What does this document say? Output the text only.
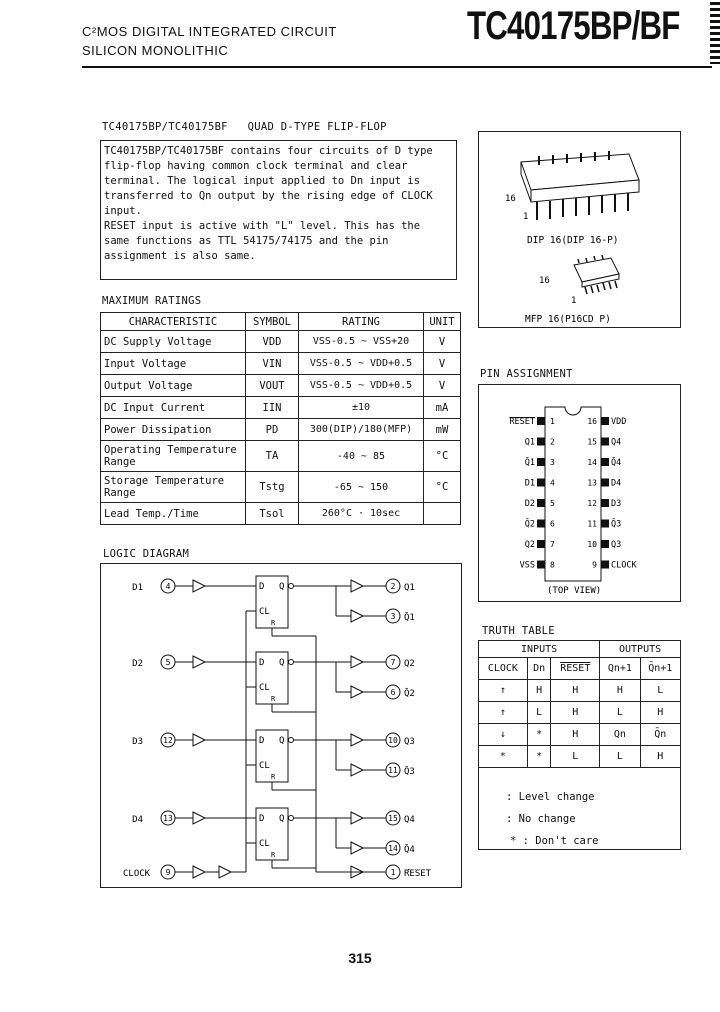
C²MOS DIGITAL INTEGRATED CIRCUIT
SILICON MONOLITHIC
TC40175BP/BF
TC40175BP/TC40175BF   QUAD D-TYPE FLIP-FLOP

TC40175BP/TC40175BF contains four circuits of D type

flip-flop having common clock terminal and clear

terminal. The logical input applied to Dn input is

transferred to Qn output by the rising edge of CLOCK

input.

RESET input is active with "L" level. This has the

same functions as TTL 54175/74175 and the pin

assignment is also same.

16
1
DIP 16(DIP 16-P)
16
1
MFP 16(P16CD P)
MAXIMUM RATINGS
CHARACTERISTIC	SYMBOL	RATING	UNIT
DC Supply Voltage	VDD	VSS-0.5 ~ VSS+20	V
Input Voltage	VIN	VSS-0.5 ~ VDD+0.5	V
Output Voltage	VOUT	VSS-0.5 ~ VDD+0.5	V
DC Input Current	IIN	±10	mA
Power Dissipation	PD	300(DIP)/180(MFP)	mW
Operating Temperature Range	TA	-40 ~ 85	°C
Storage Temperature Range	Tstg	-65 ~ 150	°C
Lead Temp./Time	Tsol	260°C · 10sec	
PIN ASSIGNMENT
RESET 1
Q1 2
Q̄1 3
D1 4
D2 5
Q̄2 6
Q2 7
VSS 8
VDD
16
Q4
15
Q̄4
14
D4
13
D3
12
Q̄3
11
Q3
10
CLOCK
9
(TOP VIEW)
LOGIC DIAGRAM
D1	4	D Q
CL
R
2
3
Q1
Q̄1
D2	5	D Q
CL
R
7
6
Q2
Q̄2
D3	12	D Q
CL
R
10
11
Q3
Q̄3
D4	13	D Q
CL
R
15
14
Q4
Q̄4
CLOCK 9	1 RESET
TRUTH TABLE
INPUTS			OUTPUTS	
CLOCK	Dn	RESET	Qn+1	Q̄n+1
↑	H	H	H	L
↑	L	H	L	H
↓	*	H	Qn	Q̄n
*	*	L	L	H
: Level change
: No change
* : Don't care
315
